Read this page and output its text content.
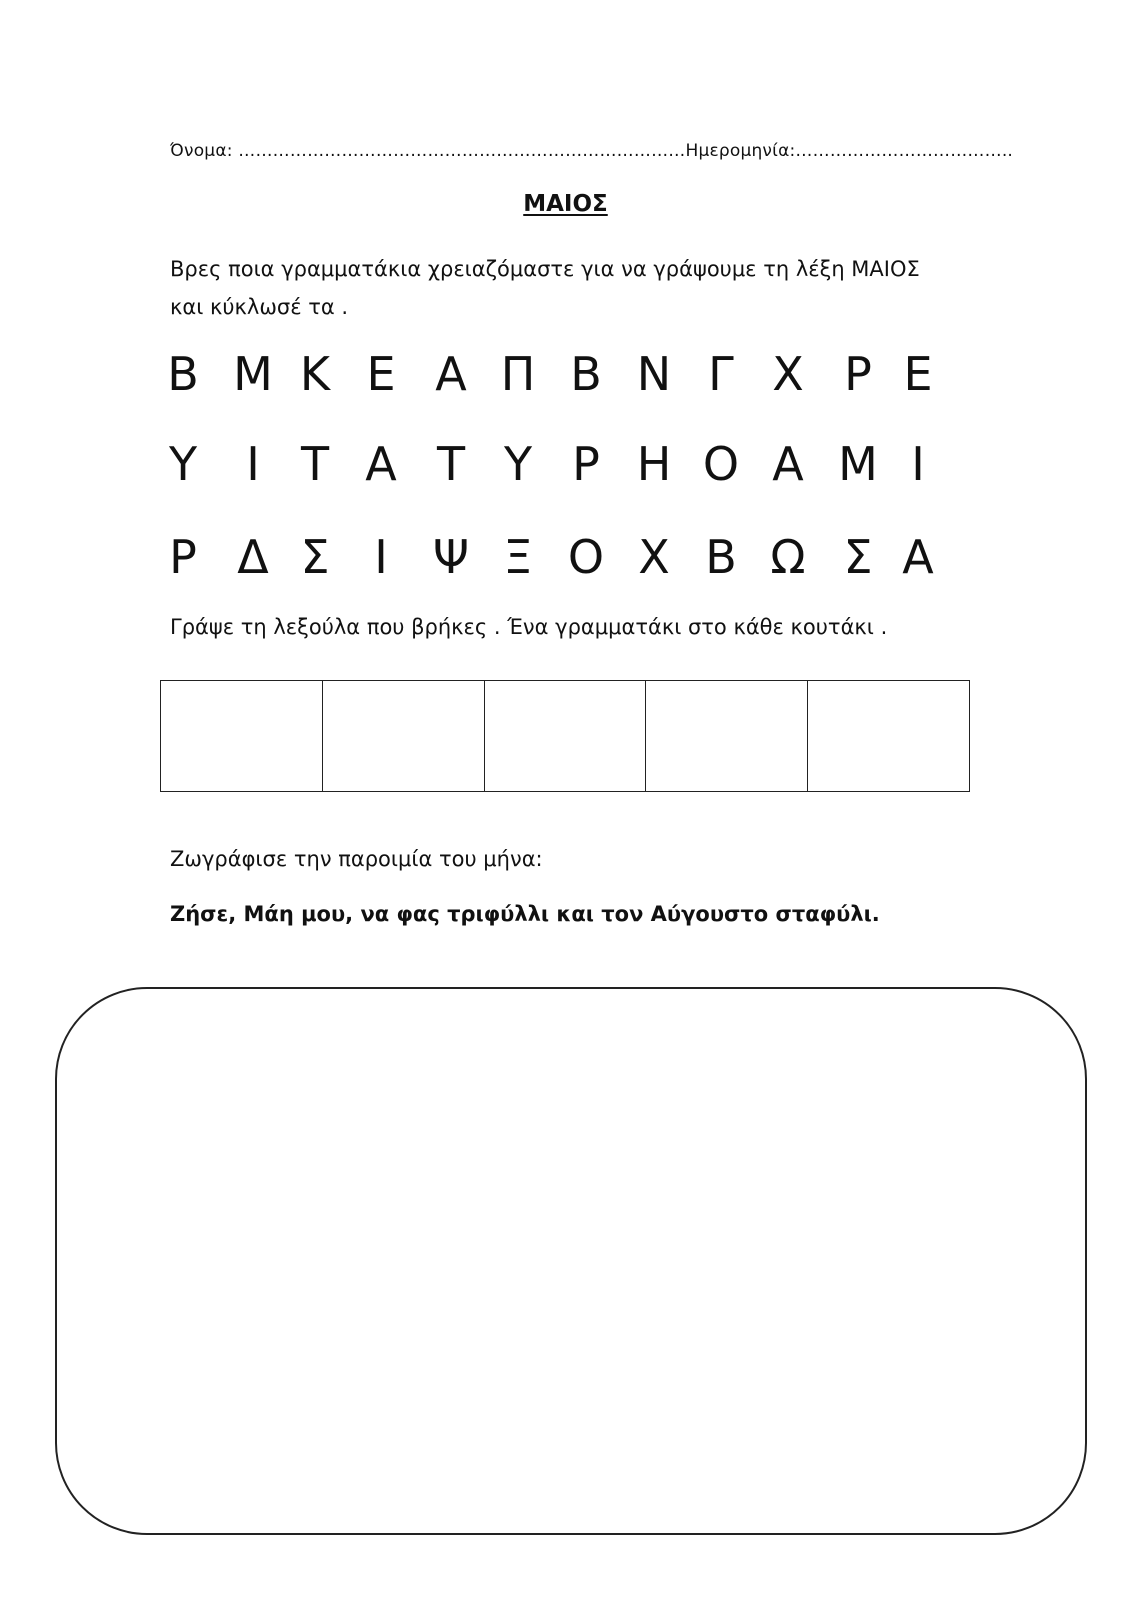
Όνομα: ……………………………………………………………………Ημερομηνία:………………………………..
ΜΑΙΟΣ
Βρες ποια γραμματάκια χρειαζόμαστε για να γράψουμε τη λέξη ΜΑΙΟΣ
και κύκλωσέ τα .
Β Μ Κ Ε Α Π Β Ν Γ Χ Ρ Ε
Υ	Ι Τ Α Τ Υ Ρ Η Ο Α Μ Ι
Ρ Δ Σ Ι Ψ Ξ Ο Χ Β Ω Σ Α
Γράψε τη λεξούλα που βρήκες . Ένα γραμματάκι στο κάθε κουτάκι .
Ζωγράφισε την παροιμία του μήνα:
Ζήσε, Μάη μου, να φας τριφύλλι και τον Αύγουστο σταφύλι.
